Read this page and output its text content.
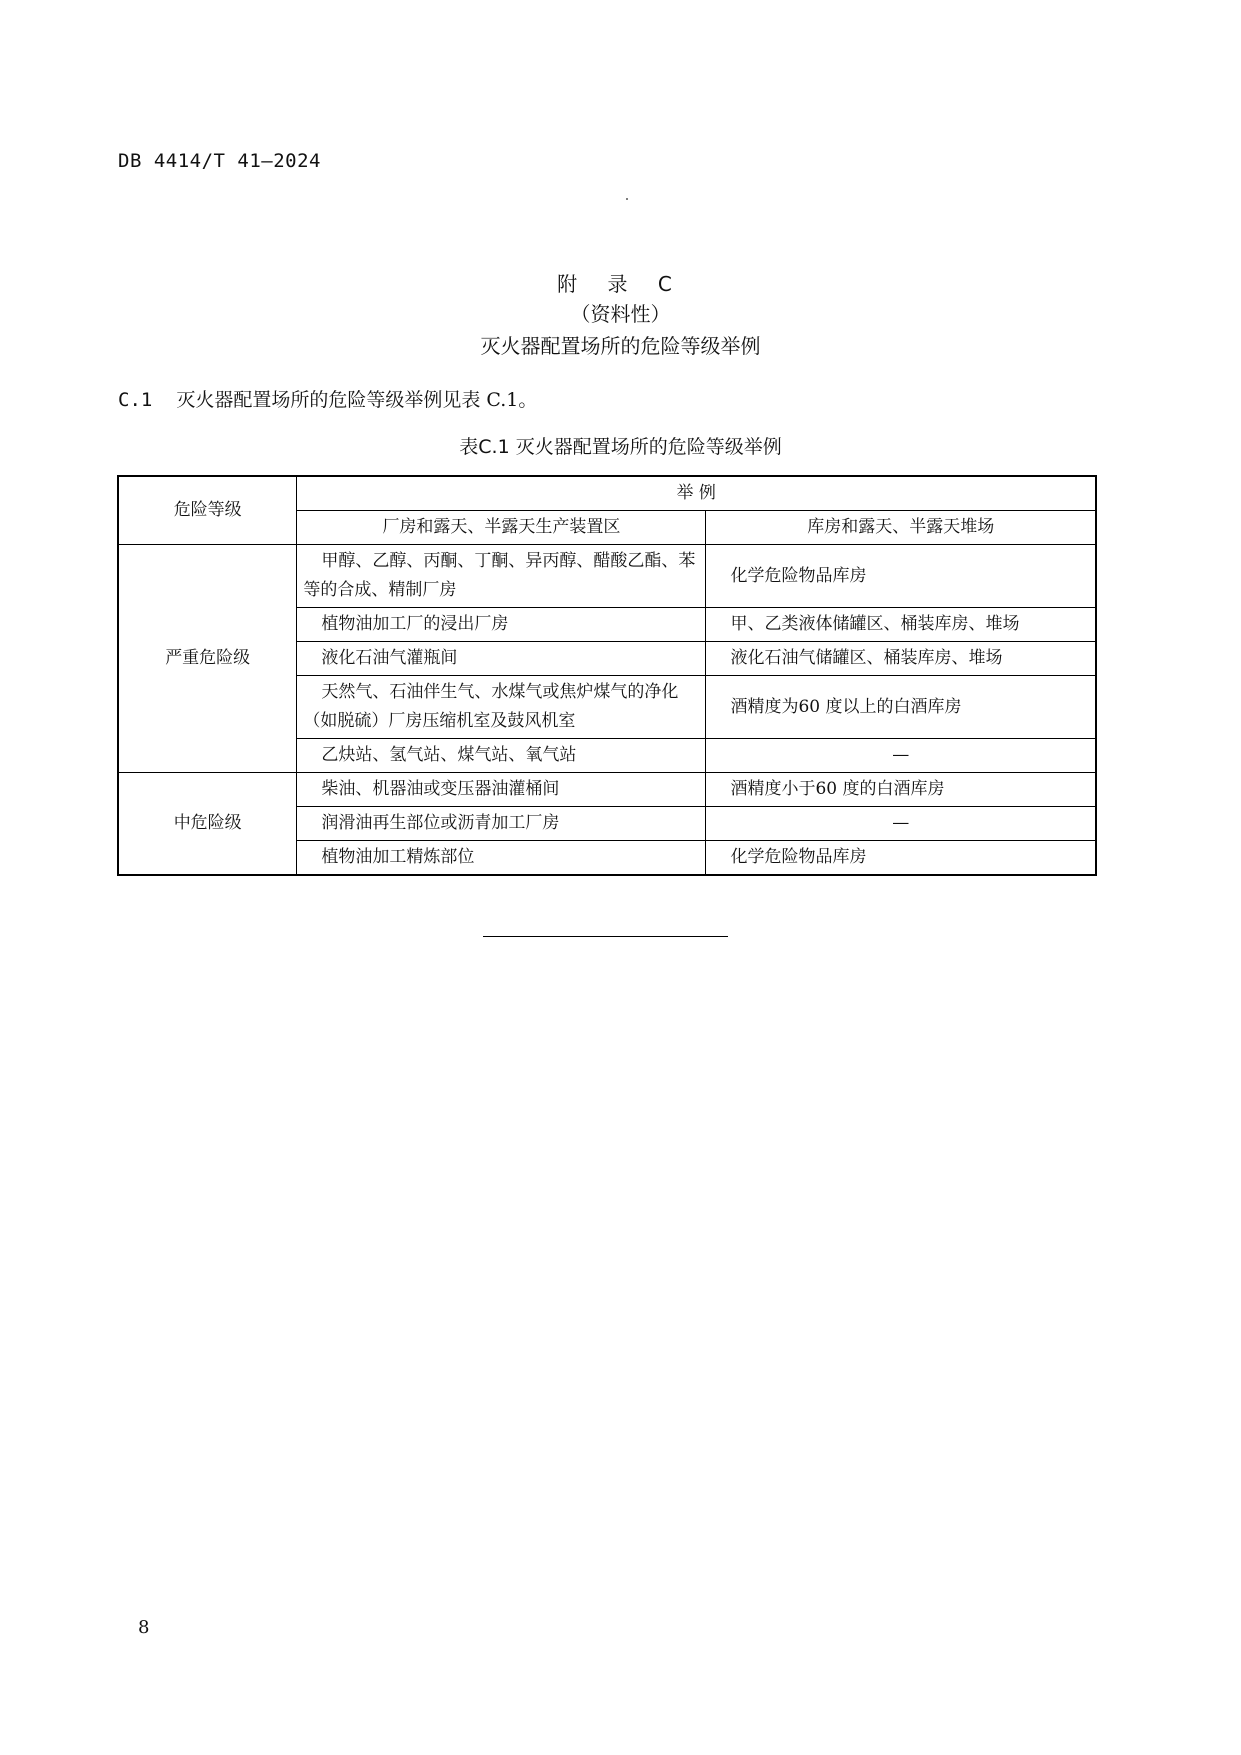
DB 4414/T 41—2024
附 录 C
（资料性）
灭火器配置场所的危险等级举例
C.1 灭火器配置场所的危险等级举例见表 C.1。
表C.1 灭火器配置场所的危险等级举例
危险等级	举 例	
	厂房和露天、半露天生产装置区	库房和露天、半露天堆场
严重危险级	甲醇、乙醇、丙酮、丁酮、异丙醇、醋酸乙酯、苯等的合成、精制厂房	化学危险物品库房
	植物油加工厂的浸出厂房	甲、乙类液体储罐区、桶装库房、堆场
	液化石油气灌瓶间	液化石油气储罐区、桶装库房、堆场
	天然气、石油伴生气、水煤气或焦炉煤气的净化（如脱硫）厂房压缩机室及鼓风机室	酒精度为60 度以上的白酒库房
	乙炔站、氢气站、煤气站、氧气站	—
中危险级	柴油、机器油或变压器油灌桶间	酒精度小于60 度的白酒库房
	润滑油再生部位或沥青加工厂房	—
	植物油加工精炼部位	化学危险物品库房
8
